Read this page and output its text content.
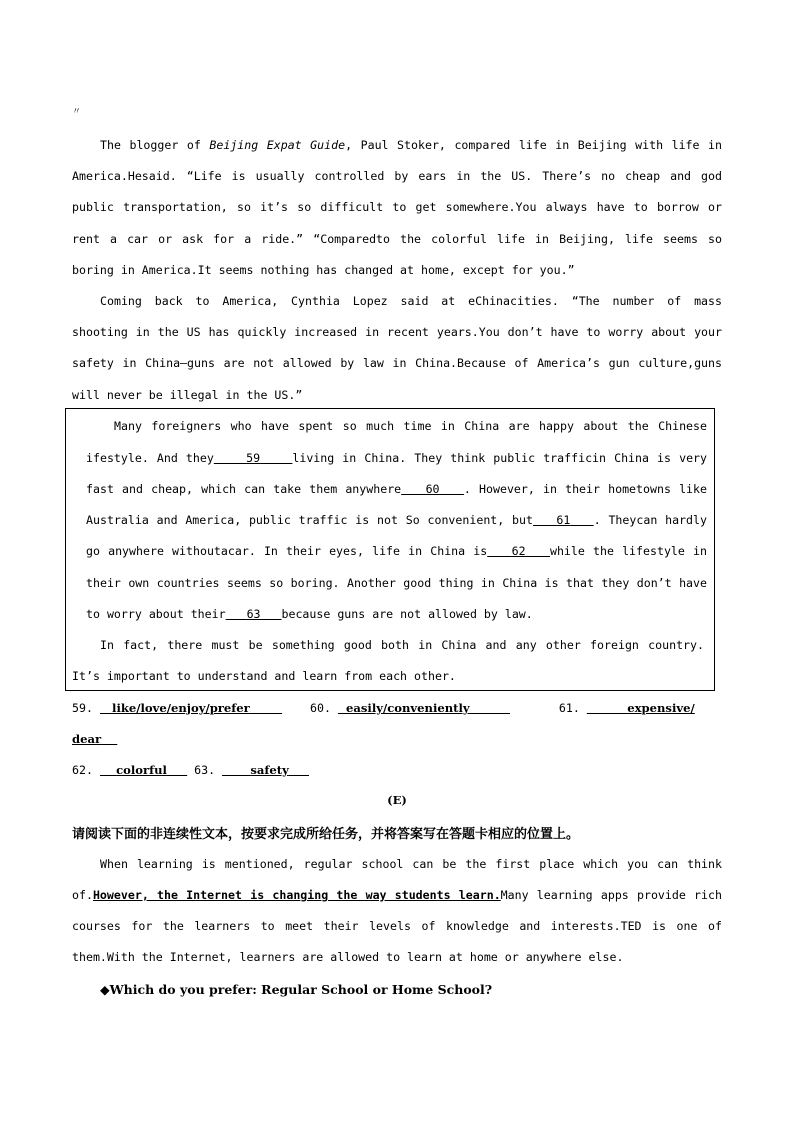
〃
The blogger of Beijing Expat Guide, Paul Stoker, compared life in Beijing with life in
America.Hesaid. “Life is usually controlled by ears in the US. There’s no cheap and god
public transportation, so it’s so difficult to get somewhere.You always have to borrow or
rent a car or ask for a ride.” “Comparedto the colorful life in Beijing, life seems so
boring in America.It seems nothing has changed at home, except for you.”
Coming back to America, Cynthia Lopez said at eChinacities. “The number of mass
shooting in the US has quickly increased in recent years.You don’t have to worry about your
safety in China—guns are not allowed by law in China.Because of America’s gun culture,guns
will never be illegal in the US.”
Many foreigners who have spent so much time in China are happy about the Chinese
ifestyle. And they	59	living in China. They think public trafficin China is very
fast and cheap, which can take them anywhere 60 . However, in their hometowns like
Australia and America, public traffic is not So convenient, but 61 . Theycan hardly
go anywhere withoutacar. In their eyes, life in China is 62 while the lifestyle in
their own countries seems so boring. Another good thing in China is that they don’t have
to worry about their 63 because guns are not allowed by law.
In fact, there must be something good both in China and any other foreign country.
It’s important to understand and learn from each other.
59. like/love/enjoy/prefer	60. easily/conveniently	61.	expensive/
dear
62. colorful 63.	safety
(E)
请阅读下面的非连续性文本，按要求完成所给任务，并将答案写在答题卡相应的位置上。
When learning is mentioned, regular school can be the first place which you can think
of.However, the Internet is changing the way students learn.Many learning apps provide rich
courses for the learners to meet their levels of knowledge and interests.TED is one of
them.With the Internet, learners are allowed to learn at home or anywhere else.
◆Which do you prefer: Regular School or Home School?
